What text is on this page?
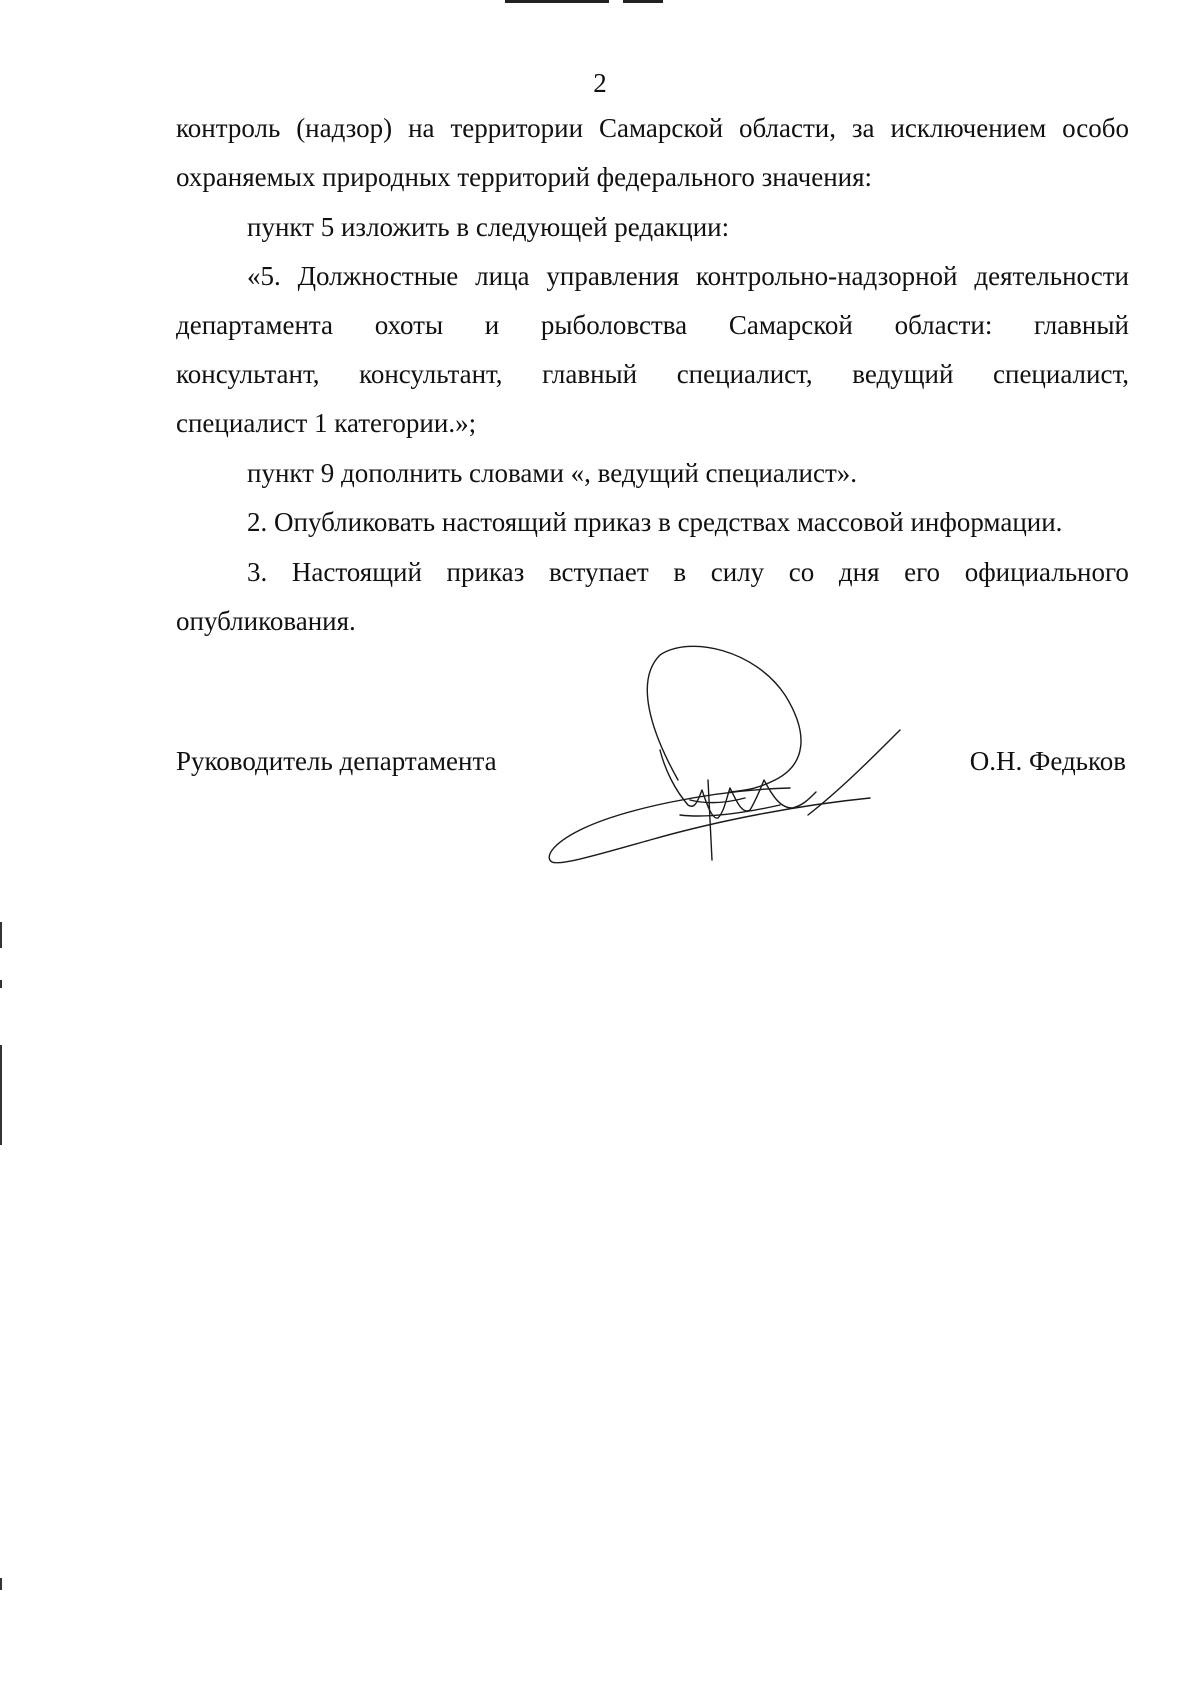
2
контроль (надзор) на территории Самарской области, за исключением особо
охраняемых природных территорий федерального значения:
пункт 5 изложить в следующей редакции:
«5. Должностные лица управления контрольно-надзорной деятельности
департамента охоты и рыболовства Самарской области: главный
консультант, консультант, главный специалист, ведущий специалист,
специалист 1 категории.»;
пункт 9 дополнить словами «, ведущий специалист».
2. Опубликовать настоящий приказ в средствах массовой информации.
3. Настоящий приказ вступает в силу со дня его официального
опубликования.
Руководитель департамента	О.Н. Федьков
